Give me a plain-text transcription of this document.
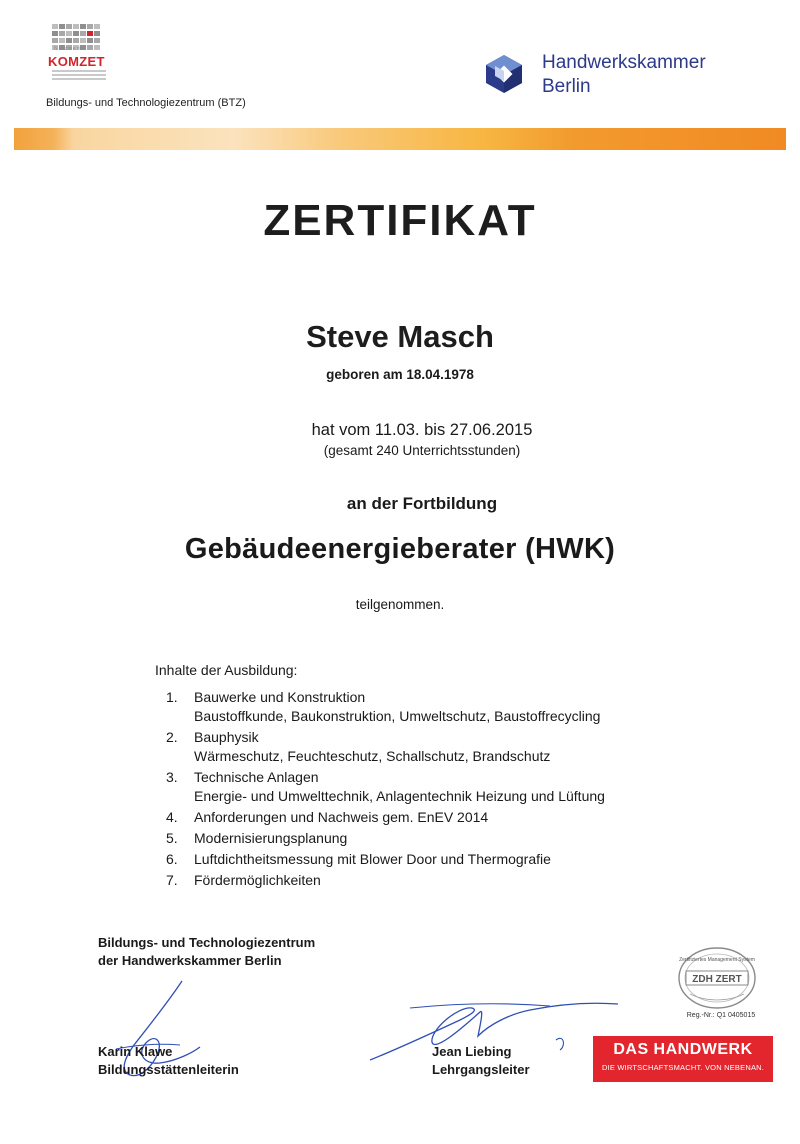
Netzwerk
KOMZET
Bildungs- und Technologiezentrum (BTZ)
Handwerkskammer
Berlin
ZERTIFIKAT
Steve Masch
geboren am 18.04.1978
hat vom 11.03. bis 27.06.2015
(gesamt 240 Unterrichtsstunden)
an der Fortbildung
Gebäudeenergieberater (HWK)
teilgenommen.
Inhalte der Ausbildung:
1. Bauwerke und Konstruktion
Baustoffkunde, Baukonstruktion, Umweltschutz, Baustoffrecycling
2. Bauphysik
Wärmeschutz, Feuchteschutz, Schallschutz, Brandschutz
3. Technische Anlagen
Energie- und Umwelttechnik, Anlagentechnik Heizung und Lüftung
4. Anforderungen und Nachweis gem. EnEV 2014
5. Modernisierungsplanung
6. Luftdichtheitsmessung mit Blower Door und Thermografie
7. Fördermöglichkeiten
Bildungs- und Technologiezentrum
der Handwerkskammer Berlin
Karin Klawe
Bildungsstättenleiterin
Jean Liebing
Lehrgangsleiter
Zertifiziertes Management System
ZDH ZERT
Reg.-Nr.: Q1 0405015
DAS HANDWERK
DIE WIRTSCHAFTSMACHT. VON NEBENAN.
